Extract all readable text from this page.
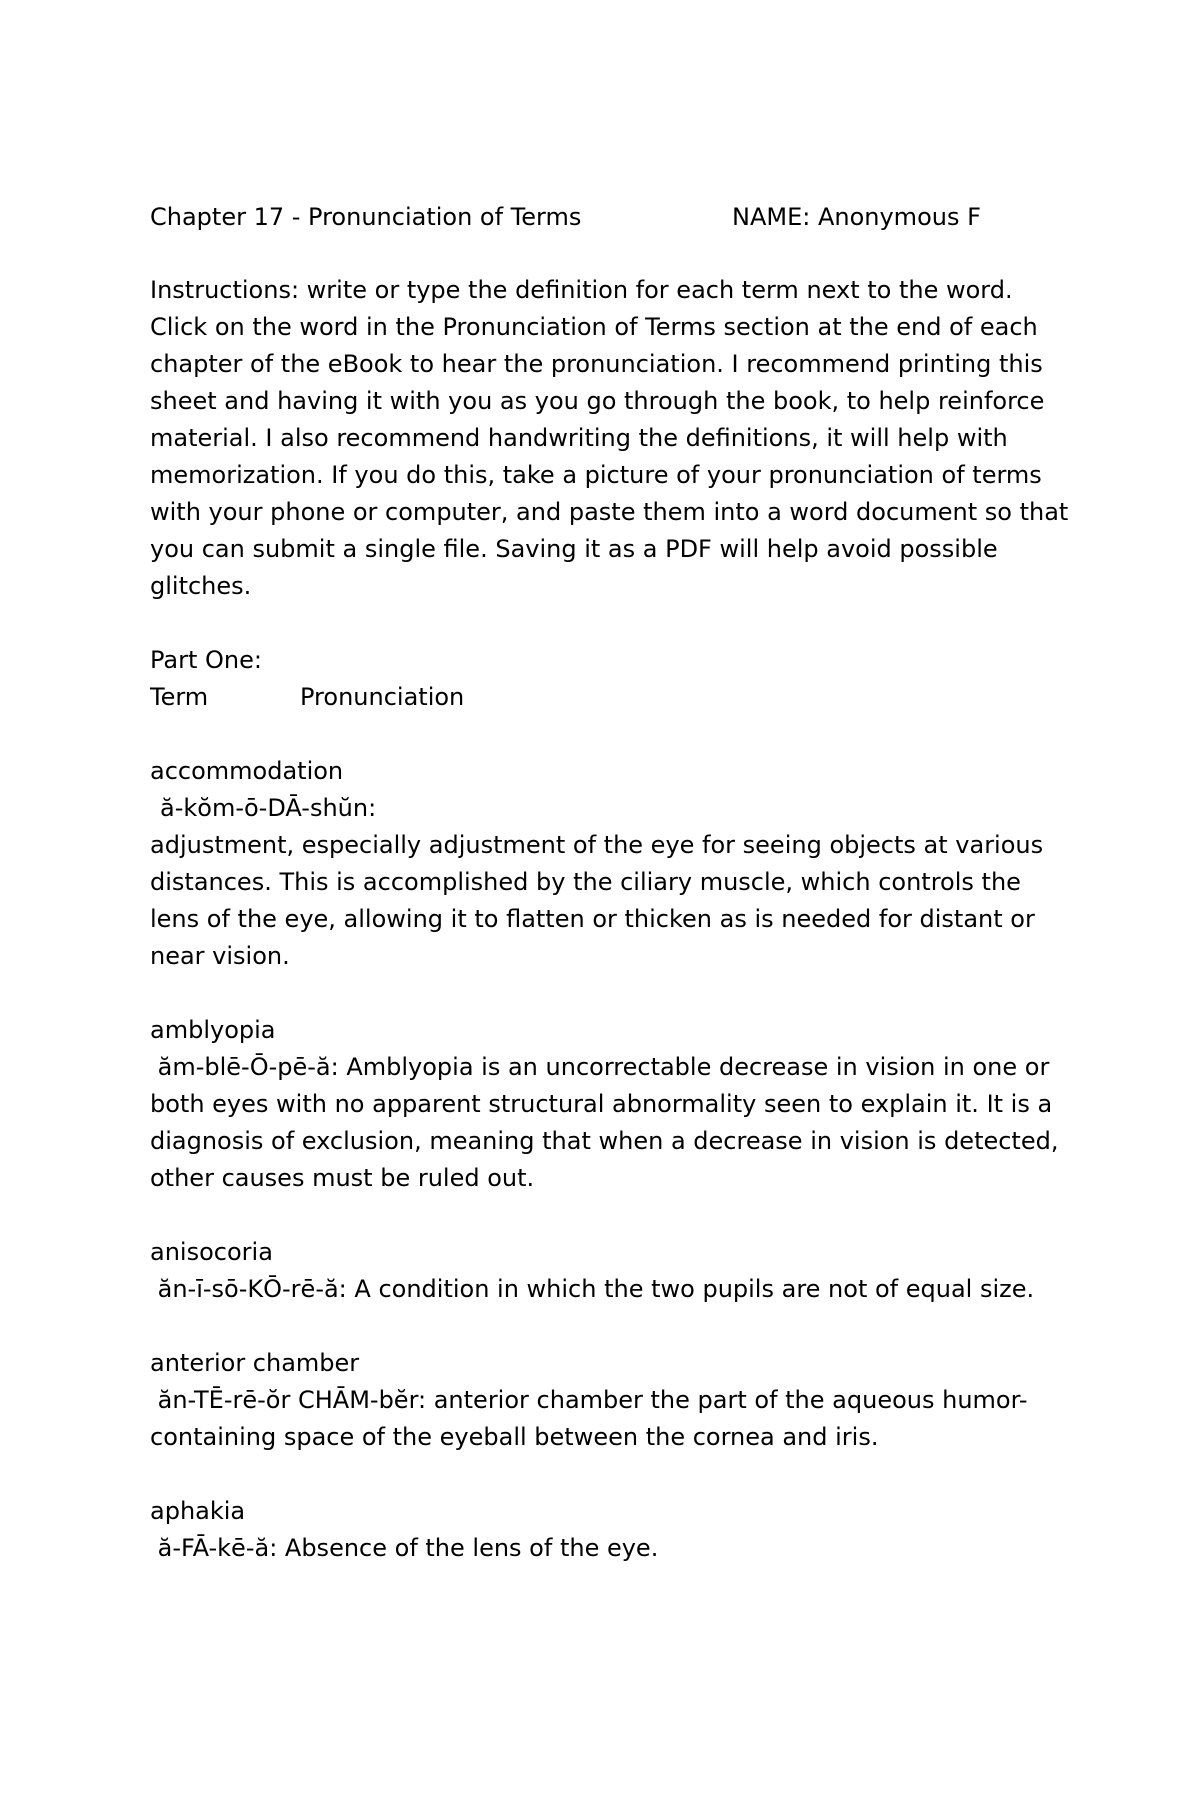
Chapter 17 - Pronunciation of Terms	NAME: Anonymous F

Instructions: write or type the definition for each term next to the word. Click on the word in the Pronunciation of Terms section at the end of each chapter of the eBook to hear the pronunciation. I recommend printing this sheet and having it with you as you go through the book, to help reinforce material. I also recommend handwriting the definitions, it will help with memorization. If you do this, take a picture of your pronunciation of terms with your phone or computer, and paste them into a word document so that you can submit a single file. Saving it as a PDF will help avoid possible glitches.

Part One:
Term	Pronunciation
accommodation
ă-kŏm-ō-DĀ-shŭn:
adjustment, especially adjustment of the eye for seeing objects at various distances. This is accomplished by the ciliary muscle, which controls the lens of the eye, allowing it to flatten or thicken as is needed for distant or near vision.
amblyopia
ăm-blē-Ō-pē-ă: Amblyopia is an uncorrectable decrease in vision in one or both eyes with no apparent structural abnormality seen to explain it. It is a diagnosis of exclusion, meaning that when a decrease in vision is detected, other causes must be ruled out.
anisocoria
ăn-ī-sō-KŌ-rē-ă: A condition in which the two pupils are not of equal size.
anterior chamber
ăn-TĒ-rē-ŏr CHĀM-bĕr: anterior chamber the part of the aqueous humor-containing space of the eyeball between the cornea and iris.
aphakia
ă-FĀ-kē-ă: Absence of the lens of the eye.
